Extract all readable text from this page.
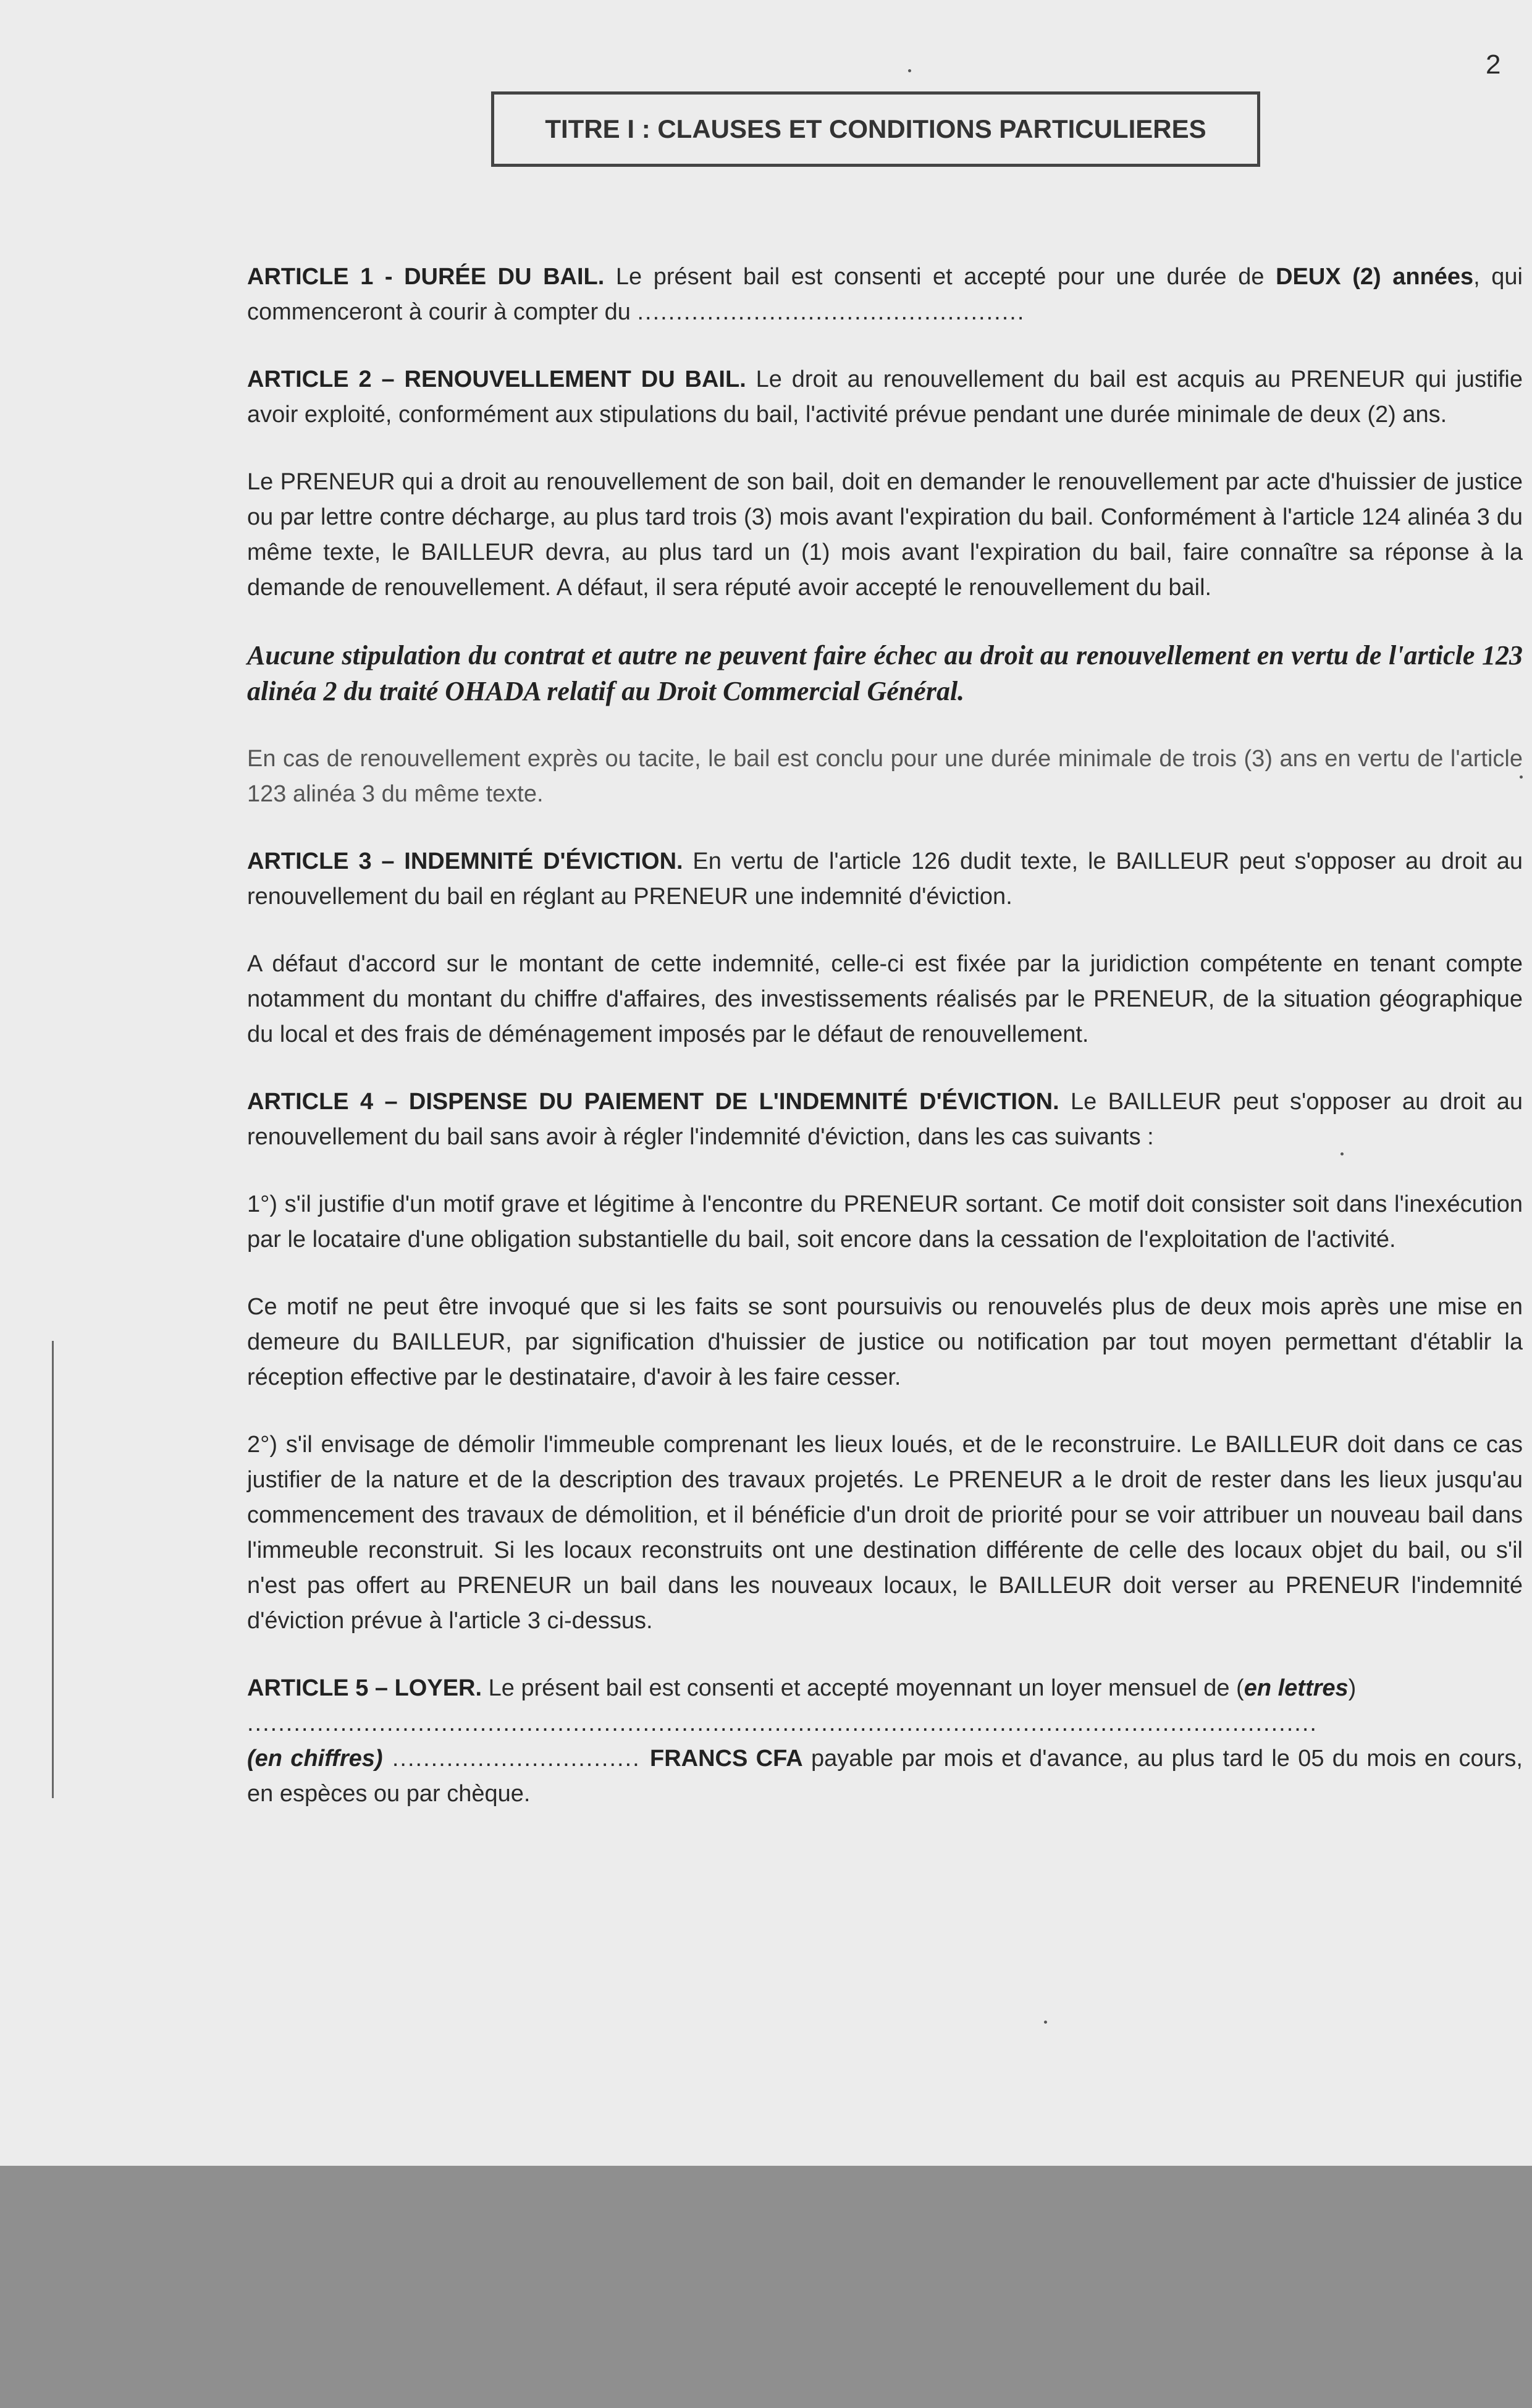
2
TITRE I : CLAUSES ET CONDITIONS PARTICULIERES

ARTICLE 1 - DURÉE DU BAIL. Le présent bail est consenti et accepté pour une durée de DEUX (2) années, qui commenceront à courir à compter du ..................................................

ARTICLE 2 – RENOUVELLEMENT DU BAIL. Le droit au renouvellement du bail est acquis au PRENEUR qui justifie avoir exploité, conformément aux stipulations du bail, l'activité prévue pendant une durée minimale de deux (2) ans.

Le PRENEUR qui a droit au renouvellement de son bail, doit en demander le renouvellement par acte d'huissier de justice ou par lettre contre décharge, au plus tard trois (3) mois avant l'expiration du bail. Conformément à l'article 124 alinéa 3 du même texte, le BAILLEUR devra, au plus tard un (1) mois avant l'expiration du bail, faire connaître sa réponse à la demande de renouvellement. A défaut, il sera réputé avoir accepté le renouvellement du bail.

Aucune stipulation du contrat et autre ne peuvent faire échec au droit au renouvellement en vertu de l'article 123 alinéa 2 du traité OHADA relatif au Droit Commercial Général.

En cas de renouvellement exprès ou tacite, le bail est conclu pour une durée minimale de trois (3) ans en vertu de l'article 123 alinéa 3 du même texte.

ARTICLE 3 – INDEMNITÉ D'ÉVICTION. En vertu de l'article 126 dudit texte, le BAILLEUR peut s'opposer au droit au renouvellement du bail en réglant au PRENEUR une indemnité d'éviction.

A défaut d'accord sur le montant de cette indemnité, celle-ci est fixée par la juridiction compétente en tenant compte notamment du montant du chiffre d'affaires, des investissements réalisés par le PRENEUR, de la situation géographique du local et des frais de déménagement imposés par le défaut de renouvellement.

ARTICLE 4 – DISPENSE DU PAIEMENT DE L'INDEMNITÉ D'ÉVICTION. Le BAILLEUR peut s'opposer au droit au renouvellement du bail sans avoir à régler l'indemnité d'éviction, dans les cas suivants :

1°) s'il justifie d'un motif grave et légitime à l'encontre du PRENEUR sortant. Ce motif doit consister soit dans l'inexécution par le locataire d'une obligation substantielle du bail, soit encore dans la cessation de l'exploitation de l'activité.

Ce motif ne peut être invoqué que si les faits se sont poursuivis ou renouvelés plus de deux mois après une mise en demeure du BAILLEUR, par signification d'huissier de justice ou notification par tout moyen permettant d'établir la réception effective par le destinataire, d'avoir à les faire cesser.

2°) s'il envisage de démolir l'immeuble comprenant les lieux loués, et de le reconstruire. Le BAILLEUR doit dans ce cas justifier de la nature et de la description des travaux projetés. Le PRENEUR a le droit de rester dans les lieux jusqu'au commencement des travaux de démolition, et il bénéficie d'un droit de priorité pour se voir attribuer un nouveau bail dans l'immeuble reconstruit. Si les locaux reconstruits ont une destination différente de celle des locaux objet du bail, ou s'il n'est pas offert au PRENEUR un bail dans les nouveaux locaux, le BAILLEUR doit verser au PRENEUR l'indemnité d'éviction prévue à l'article 3 ci-dessus.

ARTICLE 5 – LOYER. Le présent bail est consenti et accepté moyennant un loyer mensuel de (en lettres)
..........................................................................................................................................
(en chiffres) ................................ FRANCS CFA payable par mois et d'avance, au plus tard le 05 du mois en cours, en espèces ou par chèque.
